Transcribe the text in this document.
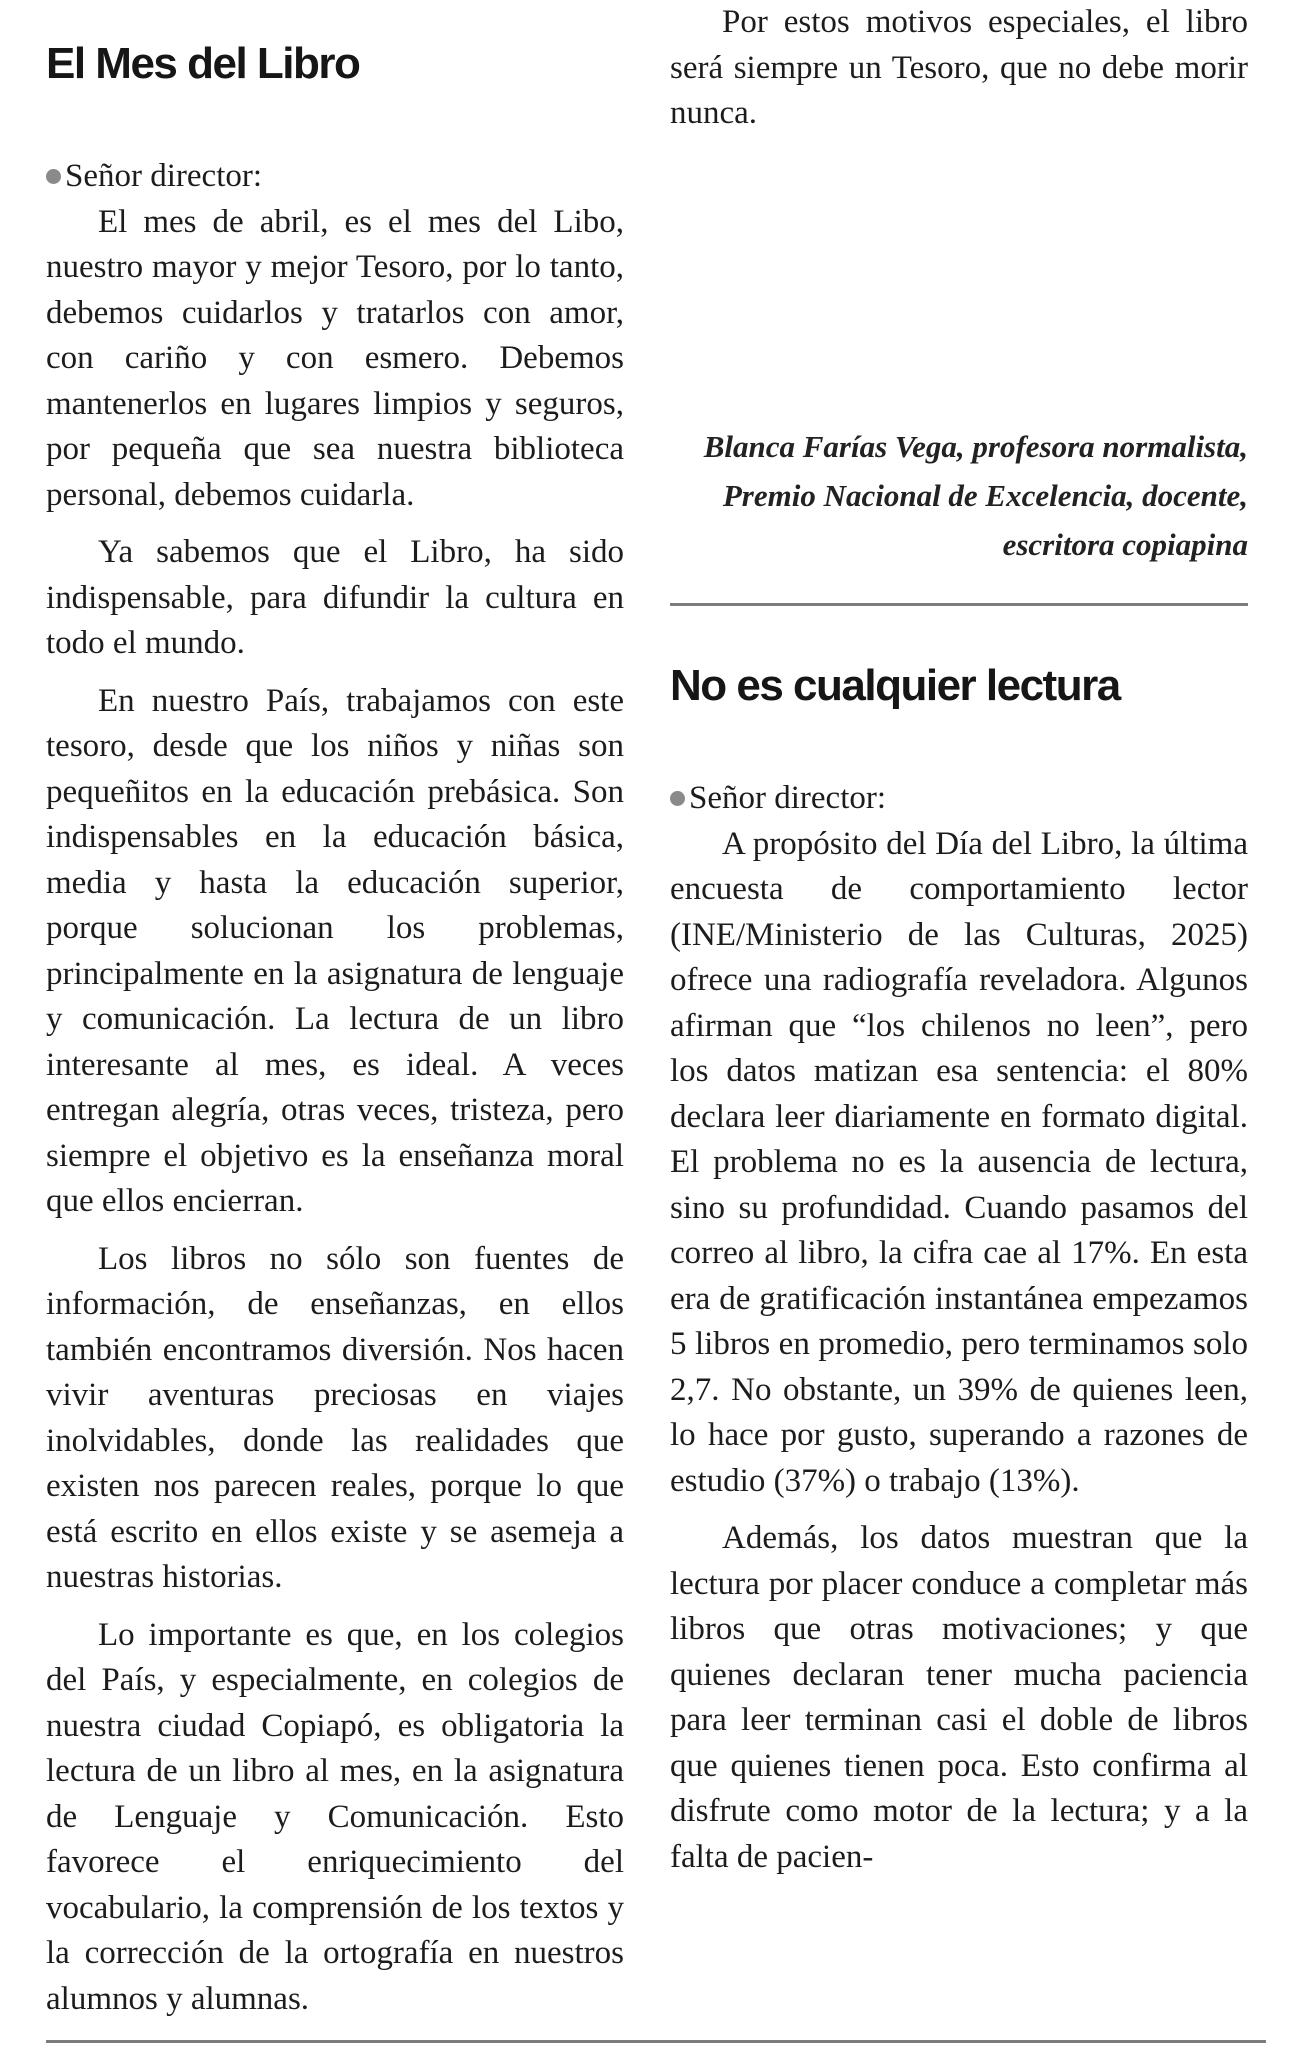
El Mes del Libro
Señor director:

El mes de abril, es el mes del Libo, nuestro mayor y mejor Tesoro, por lo tanto, debemos cuidarlos y tratarlos con amor, con cariño y con esmero. Debemos mantenerlos en lugares limpios y seguros, por pequeña que sea nuestra biblioteca personal, debemos cuidarla.

Ya sabemos que el Libro, ha sido indispensable, para difundir la cultura en todo el mundo.

En nuestro País, trabajamos con este tesoro, desde que los niños y niñas son pequeñitos en la educación prebásica. Son indispensables en la educación básica, media y hasta la educación superior, porque solucionan los problemas, principalmente en la asignatura de lenguaje y comunicación. La lectura de un libro interesante al mes, es ideal. A veces entregan alegría, otras veces, tristeza, pero siempre el objetivo es la enseñanza moral que ellos encierran.

Los libros no sólo son fuentes de información, de enseñanzas, en ellos también encontramos diversión. Nos hacen vivir aventuras preciosas en viajes inolvidables, donde las realidades que existen nos parecen reales, porque lo que está escrito en ellos existe y se asemeja a nuestras historias.

Lo importante es que, en los colegios del País, y especialmente, en colegios de nuestra ciudad Copiapó, es obligatoria la lectura de un libro al mes, en la asignatura de Lenguaje y Comunicación. Esto favorece el enriquecimiento del vocabulario, la comprensión de los textos y la corrección de la ortografía en nuestros alumnos y alumnas.

Por estos motivos especiales, el libro será siempre un Tesoro, que no debe morir nunca.

Blanca Farías Vega, profesora normalista, Premio Nacional de Excelencia, docente, escritora copiapina

No es cualquier lectura
Señor director:

A propósito del Día del Libro, la última encuesta de comportamiento lector (INE/Ministerio de las Culturas, 2025) ofrece una radiografía reveladora. Algunos afirman que “los chilenos no leen”, pero los datos matizan esa sentencia: el 80% declara leer diariamente en formato digital. El problema no es la ausencia de lectura, sino su profundidad. Cuando pasamos del correo al libro, la cifra cae al 17%. En esta era de gratificación instantánea empezamos 5 libros en promedio, pero terminamos solo 2,7. No obstante, un 39% de quienes leen, lo hace por gusto, superando a razones de estudio (37%) o trabajo (13%).

Además, los datos muestran que la lectura por placer conduce a completar más libros que otras motivaciones; y que quienes declaran tener mucha paciencia para leer terminan casi el doble de libros que quienes tienen poca. Esto confirma al disfrute como motor de la lectura; y a la falta de pacien-
